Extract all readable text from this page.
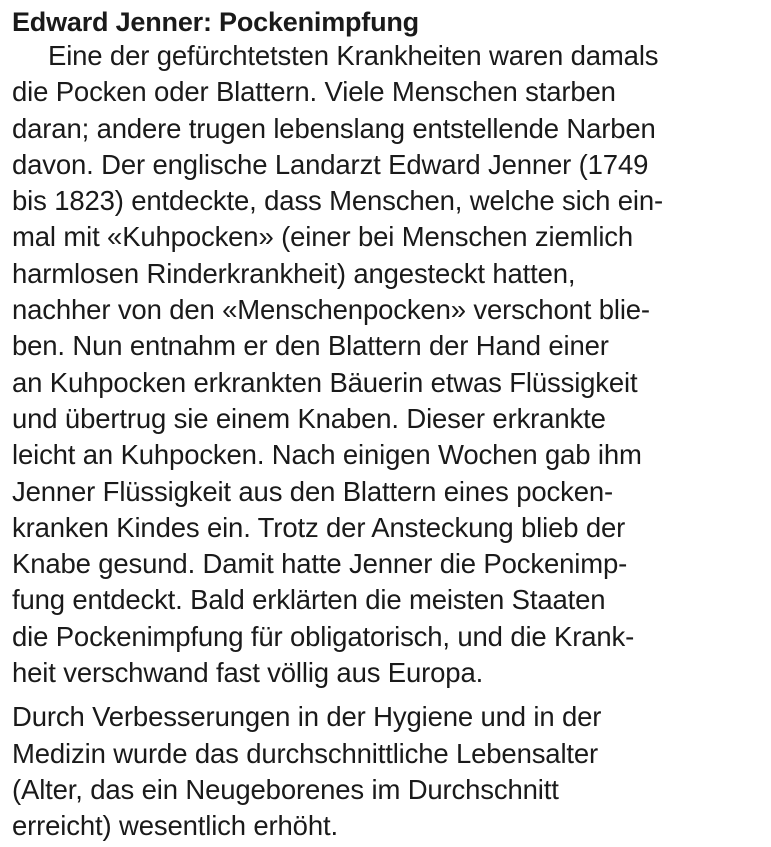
Edward Jenner: Pockenimpfung

Eine der gefürchtetsten Krankheiten waren damals
die Pocken oder Blattern. Viele Menschen starben
daran; andere trugen lebenslang entstellende Narben
davon. Der englische Landarzt Edward Jenner (1749
bis 1823) entdeckte, dass Menschen, welche sich ein-
mal mit «Kuhpocken» (einer bei Menschen ziemlich
harmlosen Rinderkrankheit) angesteckt hatten,
nachher von den «Menschenpocken» verschont blie-
ben. Nun entnahm er den Blattern der Hand einer
an Kuhpocken erkrankten Bäuerin etwas Flüssigkeit
und übertrug sie einem Knaben. Dieser erkrankte
leicht an Kuhpocken. Nach einigen Wochen gab ihm
Jenner Flüssigkeit aus den Blattern eines pocken-
kranken Kindes ein. Trotz der Ansteckung blieb der
Knabe gesund. Damit hatte Jenner die Pockenimp-
fung entdeckt. Bald erklärten die meisten Staaten
die Pockenimpfung für obligatorisch, und die Krank-
heit verschwand fast völlig aus Europa.

Durch Verbesserungen in der Hygiene und in der
Medizin wurde das durchschnittliche Lebensalter
(Alter, das ein Neugeborenes im Durchschnitt
erreicht) wesentlich erhöht.
